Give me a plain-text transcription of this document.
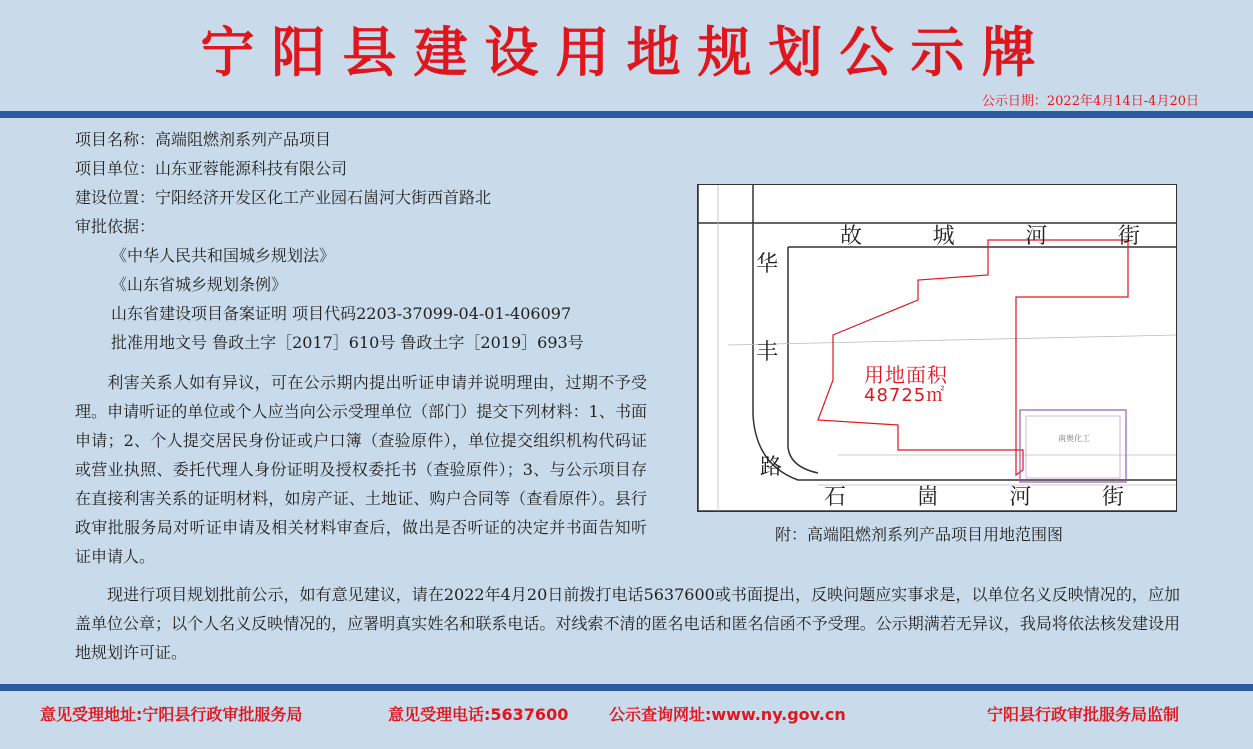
宁阳县建设用地规划公示牌
公示日期：2022年4月14日-4月20日
项目名称：高端阻燃剂系列产品项目
项目单位：山东亚蓉能源科技有限公司
建设位置：宁阳经济开发区化工产业园石崮河大街西首路北
审批依据：
《中华人民共和国城乡规划法》
《山东省城乡规划条例》
山东省建设项目备案证明 项目代码2203-37099-04-01-406097
批准用地文号 鲁政土字［2017］610号 鲁政土字［2019］693号
利害关系人如有异议，可在公示期内提出听证申请并说明理由，过期不予受理。申请听证的单位或个人应当向公示受理单位（部门）提交下列材料：1、书面申请；2、个人提交居民身份证或户口簿（查验原件），单位提交组织机构代码证或营业执照、委托代理人身份证明及授权委托书（查验原件）；3、与公示项目存在直接利害关系的证明材料，如房产证、土地证、购户合同等（查看原件）。县行政审批服务局对听证申请及相关材料审查后，做出是否听证的决定并书面告知听证申请人。
故	城	河	街
华
丰
路
石	崮	河	街
用地面积
48725㎡
南奥化工
附：高端阻燃剂系列产品项目用地范围图
现进行项目规划批前公示，如有意见建议，请在2022年4月20日前拨打电话5637600或书面提出，反映问题应实事求是，以单位名义反映情况的，应加盖单位公章；以个人名义反映情况的，应署明真实姓名和联系电话。对线索不清的匿名电话和匿名信函不予受理。公示期满若无异议，我局将依法核发建设用地规划许可证。
意见受理地址:宁阳县行政审批服务局	意见受理电话:5637600	公示查询网址:www.ny.gov.cn	宁阳县行政审批服务局监制
